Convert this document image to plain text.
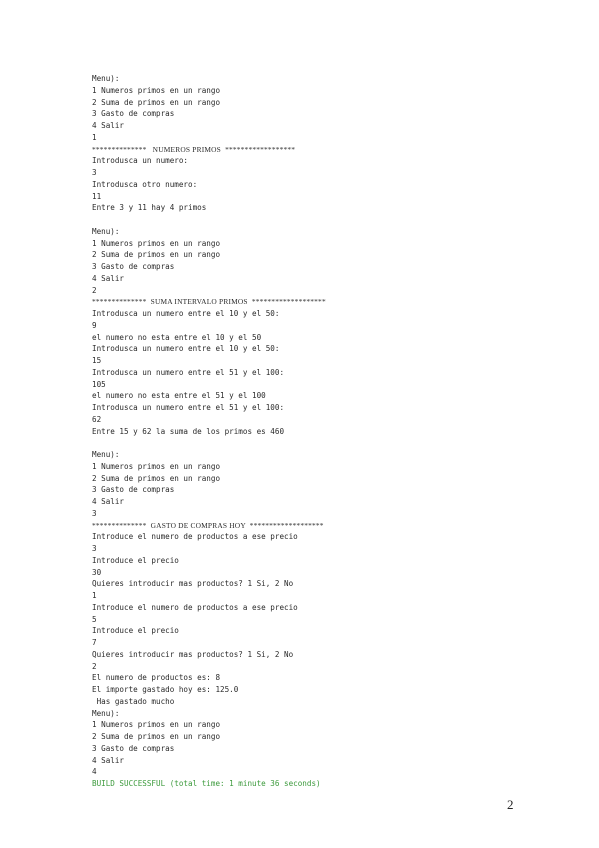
Menu):
1 Numeros primos en un rango
2 Suma de primos en un rango
3 Gasto de compras
4 Salir
1
**************   NUMEROS PRIMOS  ******************
Introdusca un numero:
3
Introdusca otro numero:
11
Entre 3 y 11 hay 4 primos
Menu):
1 Numeros primos en un rango
2 Suma de primos en un rango
3 Gasto de compras
4 Salir
2
**************  SUMA INTERVALO PRIMOS  *******************
Introdusca un numero entre el 10 y el 50:
9
el numero no esta entre el 10 y el 50
Introdusca un numero entre el 10 y el 50:
15
Introdusca un numero entre el 51 y el 100:
105
el numero no esta entre el 51 y el 100
Introdusca un numero entre el 51 y el 100:
62
Entre 15 y 62 la suma de los primos es 460
Menu):
1 Numeros primos en un rango
2 Suma de primos en un rango
3 Gasto de compras
4 Salir
3
**************  GASTO DE COMPRAS HOY  *******************
Introduce el numero de productos a ese precio
3
Introduce el precio
30
Quieres introducir mas productos? 1 Si, 2 No
1
Introduce el numero de productos a ese precio
5
Introduce el precio
7
Quieres introducir mas productos? 1 Si, 2 No
2
El numero de productos es: 8
El importe gastado hoy es: 125.0
Has gastado mucho
Menu):
1 Numeros primos en un rango
2 Suma de primos en un rango
3 Gasto de compras
4 Salir
4
BUILD SUCCESSFUL (total time: 1 minute 36 seconds)
2
